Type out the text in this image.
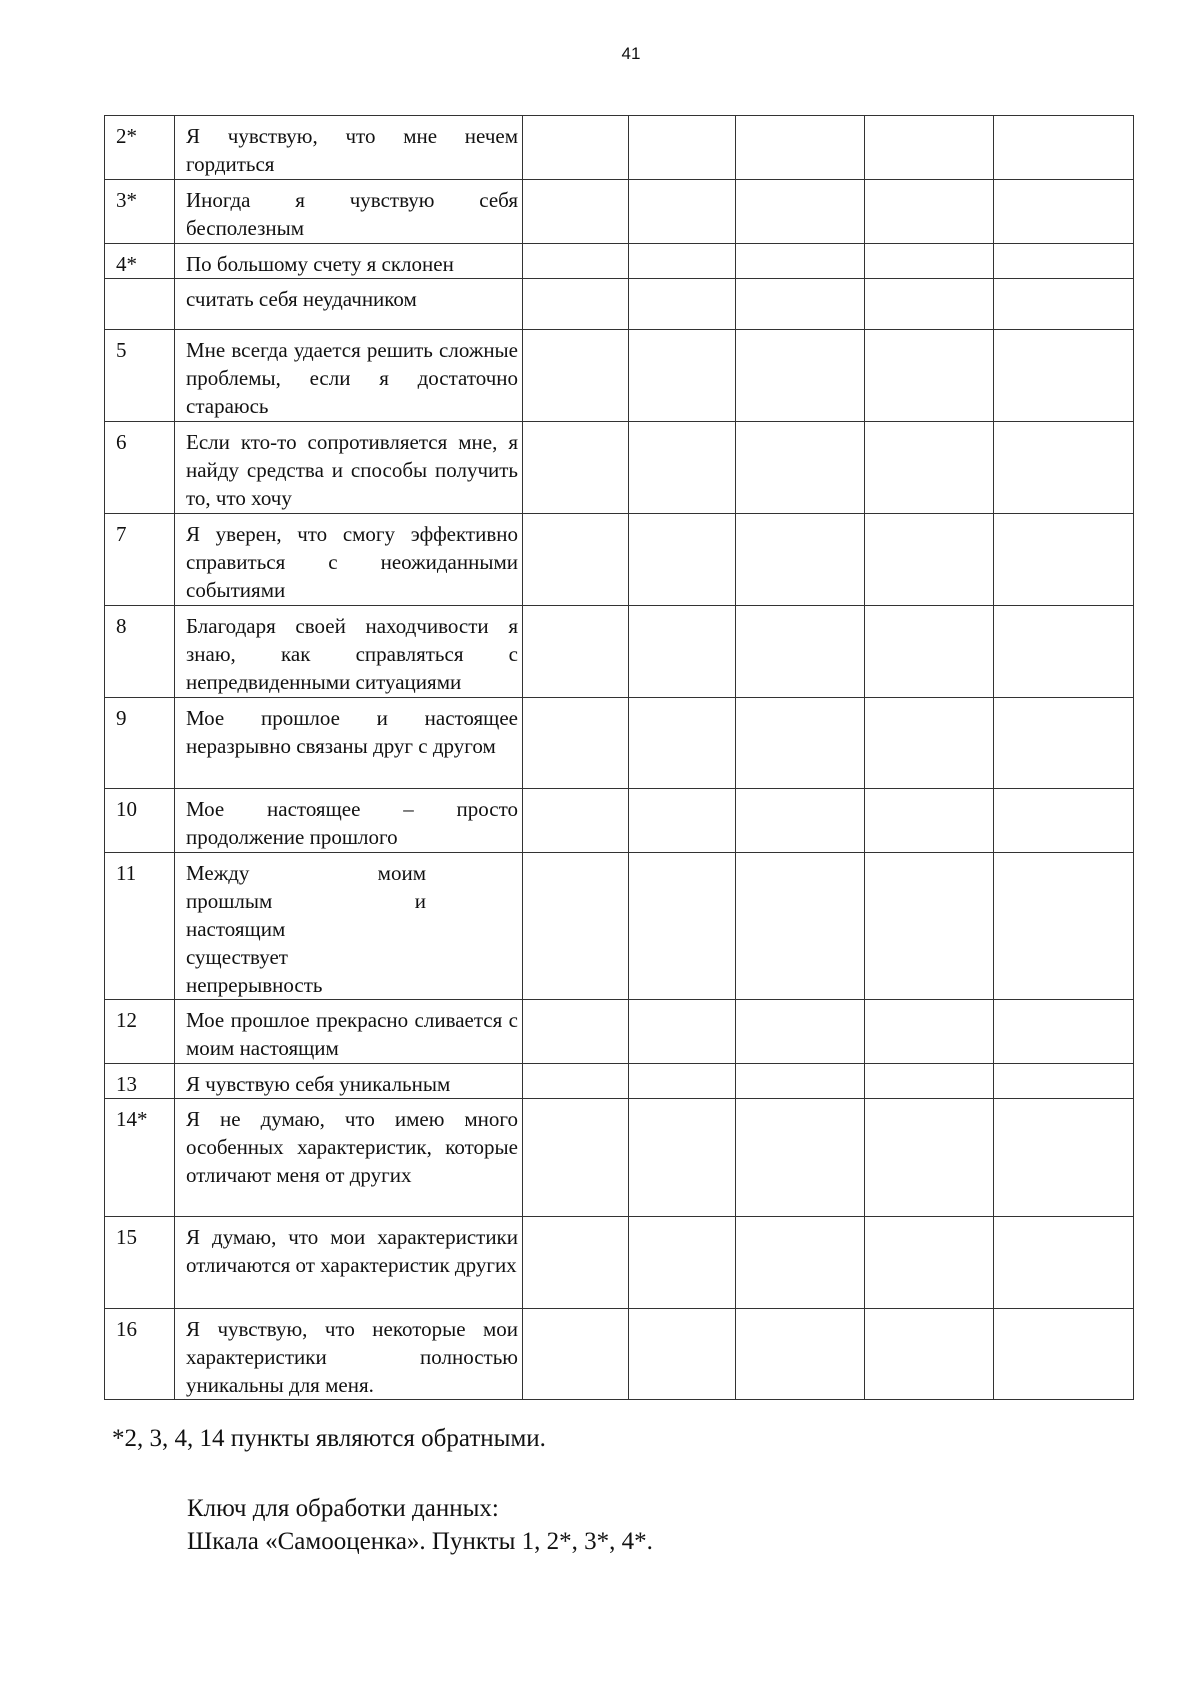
41
2*	Я чувствую, что мне нечем гордиться					
3*	Иногда я чувствую себя бесполезным					
4*	По большому счету я склонен					
	считать себя неудачником					
5	Мне всегда удается решить сложные проблемы, если я достаточно стараюсь					
6	Если кто-то сопротивляется мне, я найду средства и способы получить то, что хочу					
7	Я уверен, что смогу эффективно справиться с неожиданными событиями					
8	Благодаря своей находчивости я знаю, как справляться с непредвиденными ситуациями					
9	Мое прошлое и настоящее неразрывно связаны друг с другом					
10	Мое настоящее – просто продолжение прошлого					
11	Между моим
прошлым и
настоящим
существует
непрерывность					

12	Мое прошлое прекрасно сливается с моим настоящим					
13	Я чувствую себя уникальным					
14*	Я не думаю, что имею много особенных характеристик, которые отличают меня от других					
15	Я думаю, что мои характеристики отличаются от характеристик других					
16	Я чувствую, что некоторые мои характеристики полностью уникальны для меня.					
*2, 3, 4, 14 пункты являются обратными.
Ключ для обработки данных:
Шкала «Самооценка». Пункты 1, 2*, 3*, 4*.
